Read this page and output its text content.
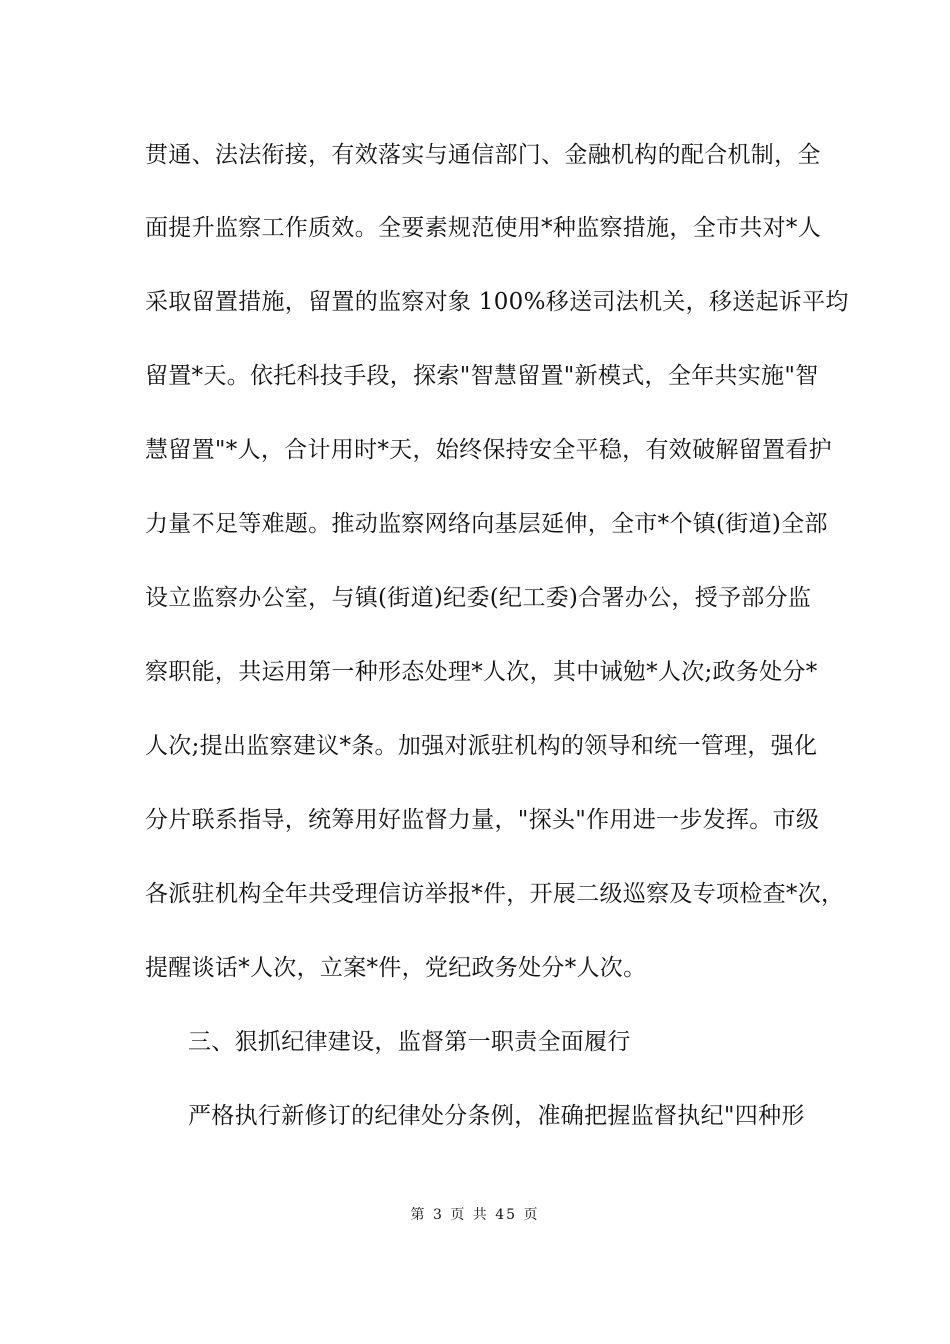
贯通、法法衔接，有效落实与通信部门、金融机构的配合机制，全
面提升监察工作质效。全要素规范使用*种监察措施，全市共对*人
采取留置措施，留置的监察对象 100%移送司法机关，移送起诉平均
留置*天。依托科技手段，探索"智慧留置"新模式，全年共实施"智
慧留置"*人，合计用时*天，始终保持安全平稳，有效破解留置看护
力量不足等难题。推动监察网络向基层延伸，全市*个镇(街道)全部
设立监察办公室，与镇(街道)纪委(纪工委)合署办公，授予部分监
察职能，共运用第一种形态处理*人次，其中诫勉*人次;政务处分*
人次;提出监察建议*条。加强对派驻机构的领导和统一管理，强化
分片联系指导，统筹用好监督力量，"探头"作用进一步发挥。市级
各派驻机构全年共受理信访举报*件，开展二级巡察及专项检查*次，
提醒谈话*人次，立案*件，党纪政务处分*人次。
三、狠抓纪律建设，监督第一职责全面履行
严格执行新修订的纪律处分条例，准确把握监督执纪"四种形
第 3 页 共 45 页
